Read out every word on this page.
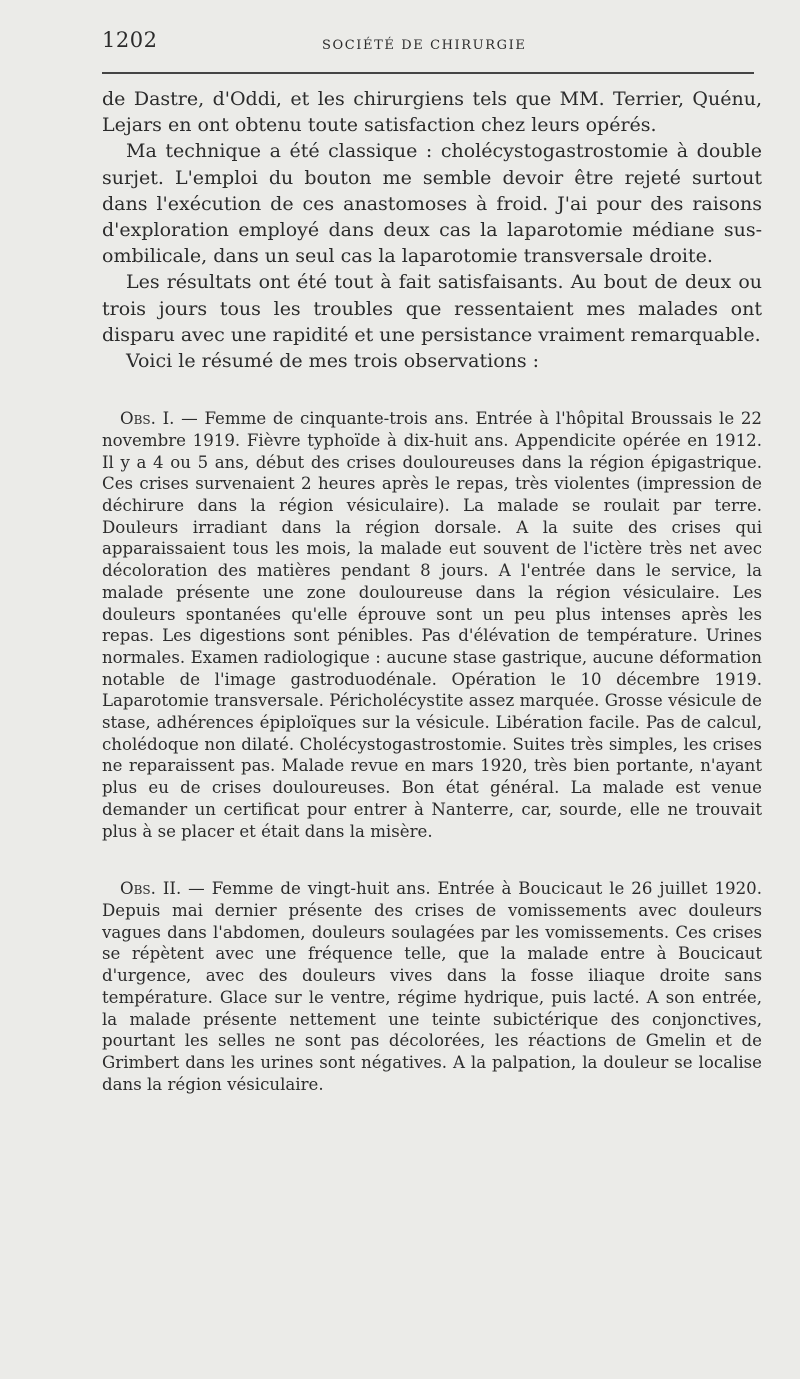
1202	SOCIÉTÉ DE CHIRURGIE

de Dastre, d'Oddi, et les chirurgiens tels que MM. Terrier, Quénu, Lejars en ont obtenu toute satisfaction chez leurs opérés.

Ma technique a été classique : cholécystogastrostomie à double surjet. L'emploi du bouton me semble devoir être rejeté surtout dans l'exécution de ces anastomoses à froid. J'ai pour des raisons d'exploration employé dans deux cas la laparotomie médiane sus-ombilicale, dans un seul cas la laparotomie transversale droite.

Les résultats ont été tout à fait satisfaisants. Au bout de deux ou trois jours tous les troubles que ressentaient mes malades ont disparu avec une rapidité et une persistance vraiment remarquable.

Voici le résumé de mes trois observations :

Obs. I. — Femme de cinquante-trois ans. Entrée à l'hôpital Broussais le 22 novembre 1919. Fièvre typhoïde à dix-huit ans. Appendicite opérée en 1912. Il y a 4 ou 5 ans, début des crises douloureuses dans la région épigastrique. Ces crises survenaient 2 heures après le repas, très violentes (impression de déchirure dans la région vésiculaire). La malade se roulait par terre. Douleurs irradiant dans la région dorsale. A la suite des crises qui apparaissaient tous les mois, la malade eut souvent de l'ictère très net avec décoloration des matières pendant 8 jours. A l'entrée dans le service, la malade présente une zone douloureuse dans la région vésiculaire. Les douleurs spontanées qu'elle éprouve sont un peu plus intenses après les repas. Les digestions sont pénibles. Pas d'élévation de température. Urines normales. Examen radiologique : aucune stase gastrique, aucune déformation notable de l'image gastroduodénale. Opération le 10 décembre 1919. Laparotomie transversale. Péricholécystite assez marquée. Grosse vésicule de stase, adhérences épiploïques sur la vésicule. Libération facile. Pas de calcul, cholédoque non dilaté. Cholécystogastrostomie. Suites très simples, les crises ne reparaissent pas. Malade revue en mars 1920, très bien portante, n'ayant plus eu de crises douloureuses. Bon état général. La malade est venue demander un certificat pour entrer à Nanterre, car, sourde, elle ne trouvait plus à se placer et était dans la misère.

Obs. II. — Femme de vingt-huit ans. Entrée à Boucicaut le 26 juillet 1920. Depuis mai dernier présente des crises de vomissements avec douleurs vagues dans l'abdomen, douleurs soulagées par les vomissements. Ces crises se répètent avec une fréquence telle, que la malade entre à Boucicaut d'urgence, avec des douleurs vives dans la fosse iliaque droite sans température. Glace sur le ventre, régime hydrique, puis lacté. A son entrée, la malade présente nettement une teinte subictérique des conjonctives, pourtant les selles ne sont pas décolorées, les réactions de Gmelin et de Grimbert dans les urines sont négatives. A la palpation, la douleur se localise dans la région vésiculaire.
